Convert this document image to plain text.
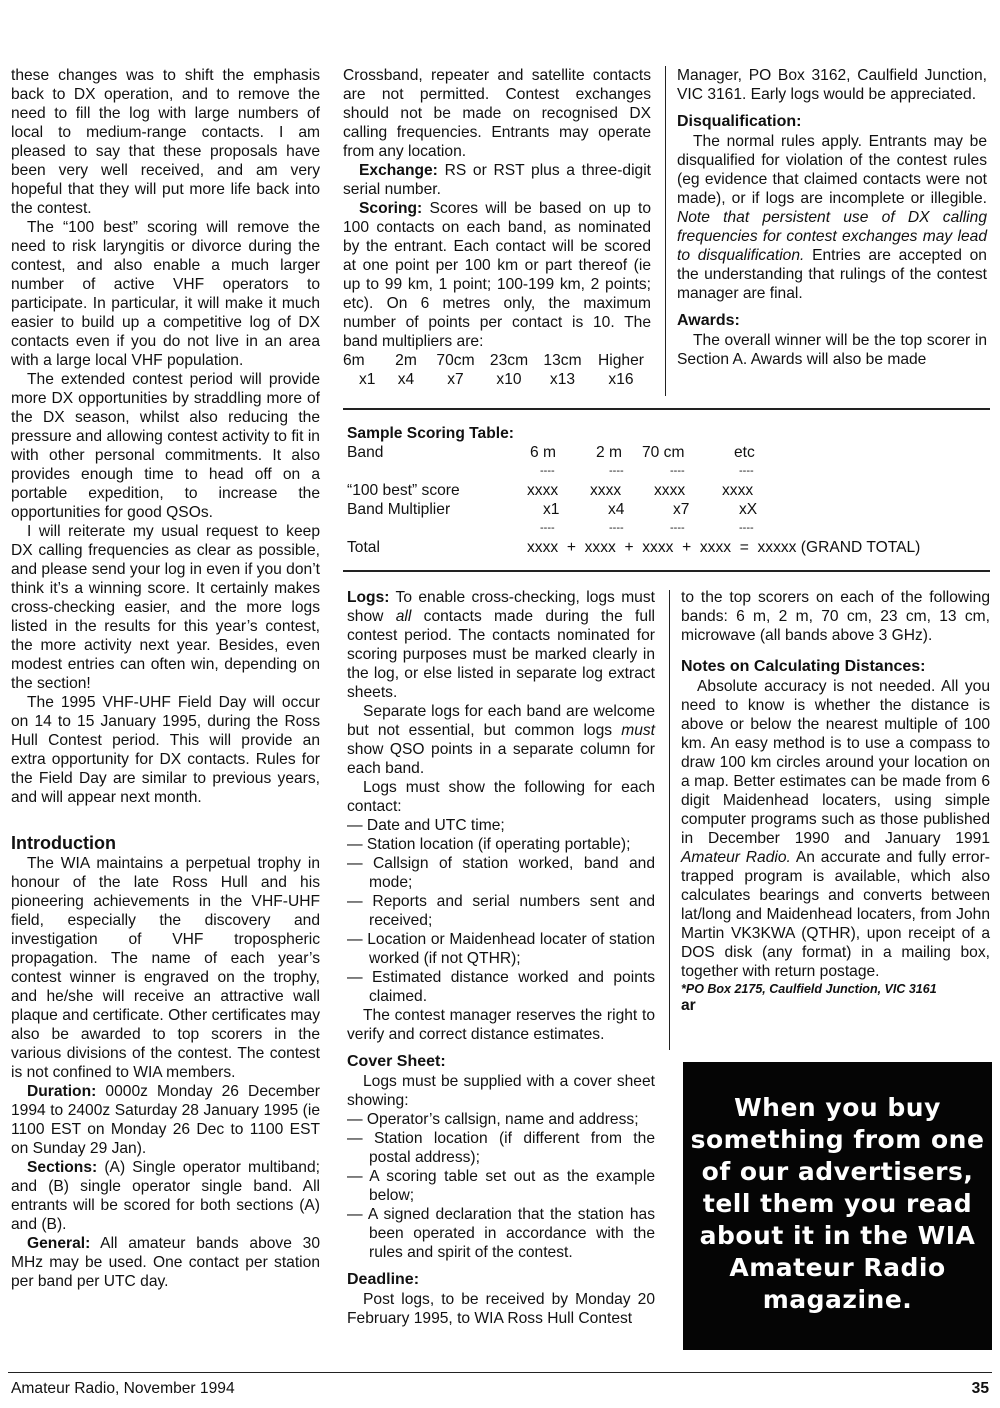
these changes was to shift the emphasis back to DX operation, and to remove the need to fill the log with large numbers of local to medium-range contacts. I am pleased to say that these proposals have been very well received, and am very hopeful that they will put more life back into the contest.

The “100 best” scoring will remove the need to risk laryngitis or divorce during the contest, and also enable a much larger number of active VHF operators to participate. In particular, it will make it much easier to build up a competitive log of DX contacts even if you do not live in an area with a large local VHF population.

The extended contest period will provide more DX opportunities by straddling more of the DX season, whilst also reducing the pressure and allowing contest activity to fit in with other personal commitments. It also provides enough time to head off on a portable expedition, to increase the opportunities for good QSOs.

I will reiterate my usual request to keep DX calling frequencies as clear as possible, and please send your log in even if you don’t think it’s a winning score. It certainly makes cross-checking easier, and the more logs listed in the results for this year’s contest, the more activity next year. Besides, even modest entries can often win, depending on the section!

The 1995 VHF-UHF Field Day will occur on 14 to 15 January 1995, during the Ross Hull Contest period. This will provide an extra opportunity for DX contacts. Rules for the Field Day are similar to previous years, and will appear next month.

Introduction

The WIA maintains a perpetual trophy in honour of the late Ross Hull and his pioneering achievements in the VHF-UHF field, especially the discovery and investigation of VHF tropospheric propagation. The name of each year’s contest winner is engraved on the trophy, and he/she will receive an attractive wall plaque and certificate. Other certificates may also be awarded to top scorers in the various divisions of the contest. The contest is not confined to WIA members.

Duration: 0000z Monday 26 December 1994 to 2400z Saturday 28 January 1995 (ie 1100 EST on Monday 26 Dec to 1100 EST on Sunday 29 Jan).

Sections: (A) Single operator multiband; and (B) single operator single band. All entrants will be scored for both sections (A) and (B).

General: All amateur bands above 30 MHz may be used. One contact per station per band per UTC day.

Crossband, repeater and satellite contacts are not permitted. Contest exchanges should not be made on recognised DX calling frequencies. Entrants may operate from any location.

Exchange: RS or RST plus a three-digit serial number.

Scoring: Scores will be based on up to 100 contacts on each band, as nominated by the entrant. Each contact will be scored at one point per 100 km or part thereof (ie up to 99 km, 1 point; 100-199 km, 2 points; etc). On 6 metres only, the maximum number of points per contact is 10. The band multipliers are:

6m	2m	70cm 23cm 13cm	Higher
x1	x4	x7	x10	x13	x16

Manager, PO Box 3162, Caulfield Junction, VIC 3161. Early logs would be appreciated.

Disqualification:

The normal rules apply. Entrants may be disqualified for violation of the contest rules (eg evidence that claimed contacts were not made), or if logs are incomplete or illegible. Note that persistent use of DX calling frequencies for contest exchanges may lead to disqualification. Entries are accepted on the understanding that rulings of the contest manager are final.

Awards:

The overall winner will be the top scorer in Section A. Awards will also be made

Sample Scoring Table:
Band	6 m	2 m 70 cm	etc
----	----	----	----
“100 best” score	xxxx xxxx xxxx xxxx
Band Multiplier	x1	x4	x7	xX
----	----	----	----
Total	xxxx  +  xxxx  +  xxxx  +  xxxx  =  xxxxx (GRAND TOTAL)

Logs: To enable cross-checking, logs must show all contacts made during the full contest period. The contacts nominated for scoring purposes must be marked clearly in the log, or else listed in separate log extract sheets.

Separate logs for each band are welcome but not essential, but common logs must show QSO points in a separate column for each band.

Logs must show the following for each contact:

— Date and UTC time;

— Station location (if operating portable);

— Callsign of station worked, band and mode;

— Reports and serial numbers sent and received;

— Location or Maidenhead locater of station worked (if not QTHR);

— Estimated distance worked and points claimed.

The contest manager reserves the right to verify and correct distance estimates.

Cover Sheet:

Logs must be supplied with a cover sheet showing:

— Operator’s callsign, name and address;

— Station location (if different from the postal address);

— A scoring table set out as the example below;

— A signed declaration that the station has been operated in accordance with the rules and spirit of the contest.

Deadline:

Post logs, to be received by Monday 20 February 1995, to WIA Ross Hull Contest

to the top scorers on each of the following bands: 6 m, 2 m, 70 cm, 23 cm, 13 cm, microwave (all bands above 3 GHz).

Notes on Calculating Distances:

Absolute accuracy is not needed. All you need to know is whether the distance is above or below the nearest multiple of 100 km. An easy method is to use a compass to draw 100 km circles around your location on a map. Better estimates can be made from 6 digit Maidenhead locaters, using simple computer programs such as those published in December 1990 and January 1991 Amateur Radio. An accurate and fully error-trapped program is available, which also calculates bearings and converts between lat/long and Maidenhead locaters, from John Martin VK3KWA (QTHR), upon receipt of a DOS disk (any format) in a mailing box, together with return postage.

*PO Box 2175, Caulfield Junction, VIC 3161

ar

When you buy
something from one
of our advertisers,
tell them you read
about it in the WIA
Amateur Radio
magazine.
Amateur Radio, November 1994	35
